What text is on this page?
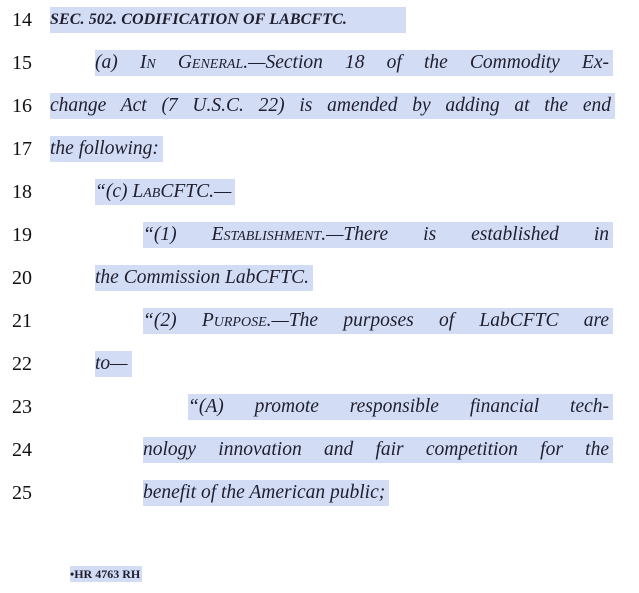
14	SEC. 502. CODIFICATION OF LABCFTC.
15	(a) In General.—Section 18 of the Commodity Ex-
16 change Act (7 U.S.C. 22) is amended by adding at the end
17 the following:
18	“(c) LabCFTC.—
19	“(1) Establishment.—There is established in
20	the Commission LabCFTC.
21	“(2) Purpose.—The purposes of LabCFTC are
22	to—
23	“(A) promote responsible financial tech-
24	nology innovation and fair competition for the
25	benefit of the American public;
•HR 4763 RH
